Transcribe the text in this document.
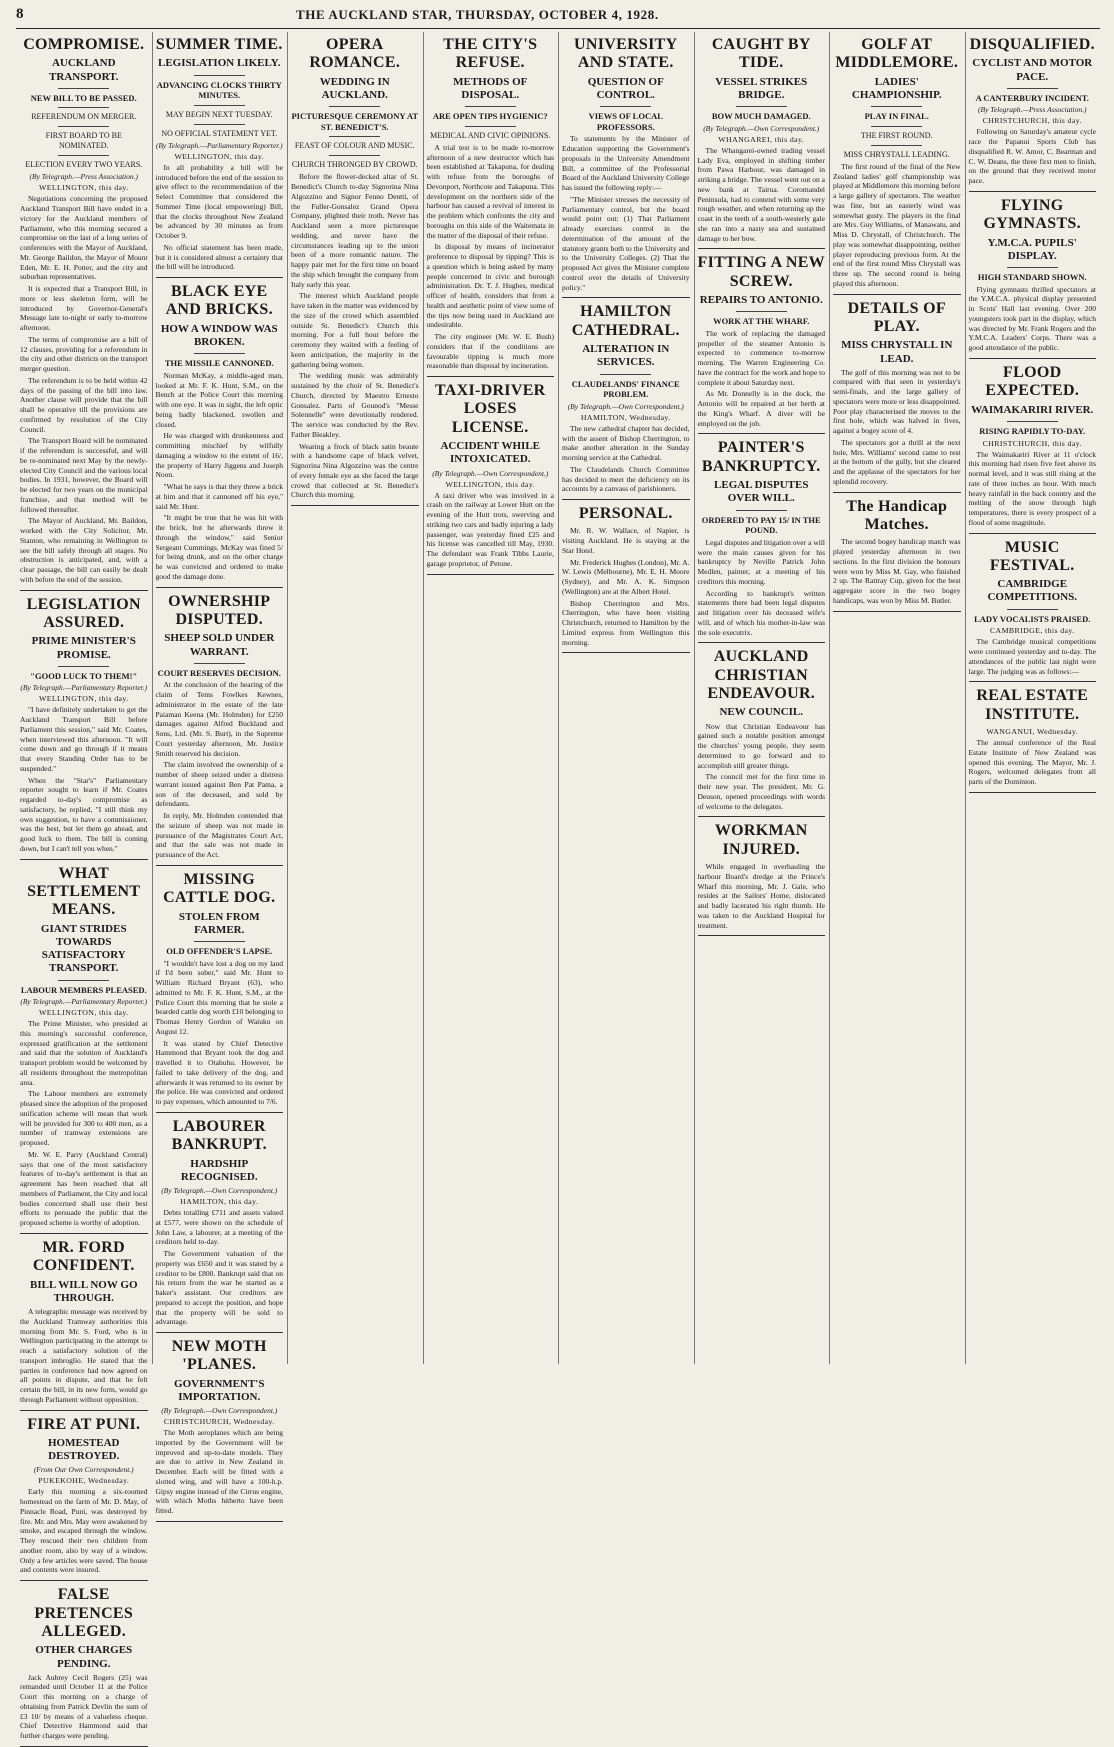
8	THE AUCKLAND STAR, THURSDAY, OCTOBER 4, 1928.
COMPROMISE.
AUCKLAND TRANSPORT.
NEW BILL TO BE PASSED.
REFERENDUM ON MERGER.
FIRST BOARD TO BE NOMINATED.
ELECTION EVERY TWO YEARS.
(By Telegraph.—Press Association.)
WELLINGTON, this day.

Negotiations concerning the proposed Auckland Transport Bill have ended in a victory for the Auckland members of Parliament, who this morning secured a compromise on the last of a long series of conferences with the Mayor of Auckland, Mr. George Baildon, the Mayor of Mount Eden, Mr. E. H. Potter, and the city and suburban representatives.

It is expected that a Transport Bill, in more or less skeleton form, will be introduced by Governor-General's Message late to-night or early to-morrow afternoon.

The terms of compromise are a bill of 12 clauses, providing for a referendum in the city and other districts on the transport merger question.

The referendum is to be held within 42 days of the passing of the bill into law. Another clause will provide that the bill shall be operative till the provisions are confirmed by resolution of the City Council.

The Transport Board will be nominated if the referendum is successful, and will be re-nominated next May by the newly-elected City Council and the various local bodies. In 1931, however, the Board will be elected for two years on the municipal franchise, and that method will be followed thereafter.

The Mayor of Auckland, Mr. Baildon, worked with the City Solicitor, Mr. Stanton, who remaining in Wellington to see the bill safely through all stages. No obstruction is anticipated, and, with a clear passage, the bill can easily be dealt with before the end of the session.

LEGISLATION ASSURED.
PRIME MINISTER'S PROMISE.
"GOOD LUCK TO THEM!"
(By Telegraph.—Parliamentary Reporter.)
WELLINGTON, this day.

"I have definitely undertaken to get the Auckland Transport Bill before Parliament this session," said Mr. Coates, when interviewed this afternoon. "It will come down and go through if it means that every Standing Order has to be suspended."

When the "Star's" Parliamentary reporter sought to learn if Mr. Coates regarded to-day's compromise as satisfactory, he replied, "I still think my own suggestion, to have a commissioner, was the best, but let them go ahead, and good luck to them. The bill is coming down, but I can't tell you when."

WHAT SETTLEMENT MEANS.
GIANT STRIDES TOWARDS SATISFACTORY TRANSPORT.
LABOUR MEMBERS PLEASED.
(By Telegraph.—Parliamentary Reporter.)
WELLINGTON, this day.

The Prime Minister, who presided at this morning's successful conference, expressed gratification at the settlement and said that the solution of Auckland's transport problem would be welcomed by all residents throughout the metropolitan area.

The Labour members are extremely pleased since the adoption of the proposed unification scheme will mean that work will be provided for 300 to 400 men, as a number of tramway extensions are proposed.

Mr. W. E. Parry (Auckland Central) says that one of the most satisfactory features of to-day's settlement is that an agreement has been reached that all members of Parliament, the City and local bodies concerned shall use their best efforts to persuade the public that the proposed scheme is worthy of adoption.

MR. FORD CONFIDENT.
BILL WILL NOW GO THROUGH.

A telegraphic message was received by the Auckland Tramway authorities this morning from Mr. S. Ford, who is in Wellington participating in the attempt to reach a satisfactory solution of the transport imbroglio. He stated that the parties in conference had now agreed on all points in dispute, and that he felt certain the bill, in its new form, would go through Parliament without opposition.

FIRE AT PUNI.
HOMESTEAD DESTROYED.
(From Our Own Correspondent.)
PUKEKOHE, Wednesday.

Early this morning a six-roomed homestead on the farm of Mr. D. May, of Pinnacle Road, Puni, was destroyed by fire. Mr. and Mrs. May were awakened by smoke, and escaped through the window. They rescued their two children from another room, also by way of a window. Only a few articles were saved. The house and contents were insured.

FALSE PRETENCES ALLEGED.
OTHER CHARGES PENDING.

Jack Aubrey Cecil Rogers (25) was remanded until October 11 at the Police Court this morning on a charge of obtaining from Patrick Devlin the sum of £3 10/ by means of a valueless cheque. Chief Detective Hammond said that further charges were pending.

SUMMER TIME.
LEGISLATION LIKELY.
ADVANCING CLOCKS THIRTY MINUTES.
MAY BEGIN NEXT TUESDAY.
NO OFFICIAL STATEMENT YET.
(By Telegraph.—Parliamentary Reporter.)
WELLINGTON, this day.

In all probability a bill will be introduced before the end of the session to give effect to the recommendation of the Select Committee that considered the Summer Time (local empowering) Bill, that the clocks throughout New Zealand be advanced by 30 minutes as from October 9.

No official statement has been made, but it is considered almost a certainty that the bill will be introduced.

BLACK EYE AND BRICKS.
HOW A WINDOW WAS BROKEN.
THE MISSILE CANNONED.

Norman McKay, a middle-aged man, looked at Mr. F. K. Hunt, S.M., on the Bench at the Police Court this morning with one eye. It was in sight, the left optic being badly blackened, swollen and closed.

He was charged with drunkenness and committing mischief by wilfully damaging a window to the extent of 16/, the property of Harry Jiggens and Joseph Noon.

"What he says is that they threw a brick at him and that it cannoned off his eye," said Mr. Hunt.

"It might be true that he was hit with the brick, but he afterwards threw it through the window," said Senior Sergeant Cummings. McKay was fined 5/ for being drunk, and on the other charge he was convicted and ordered to make good the damage done.

OWNERSHIP DISPUTED.
SHEEP SOLD UNDER WARRANT.
COURT RESERVES DECISION.

At the conclusion of the hearing of the claim of Tems Fowlkes Kewnes, administrator in the estate of the late Paiaman Keena (Mr. Holmden) for £250 damages against Alfred Buckland and Sons, Ltd. (Mr. S. Burt), in the Supreme Court yesterday afternoon, Mr. Justice Smith reserved his decision.

The claim involved the ownership of a number of sheep seized under a distress warrant issued against Ben Pat Pama, a son of the deceased, and sold by defendants.

In reply, Mr. Holmden contended that the seizure of sheep was not made in pursuance of the Magistrates Court Act, and that the sale was not made in pursuance of the Act.

MISSING CATTLE DOG.
STOLEN FROM FARMER.
OLD OFFENDER'S LAPSE.

"I wouldn't have lost a dog on my land if I'd been sober," said Mr. Hunt to William Richard Bryant (63), who admitted to Mr. F. K. Hunt, S.M., at the Police Court this morning that he stole a bearded cattle dog worth £10 belonging to Thomas Henry Gordon of Waiuku on August 12.

It was stated by Chief Detective Hammond that Bryant took the dog and travelled it to Otahuhu. However, he failed to take delivery of the dog, and afterwards it was returned to its owner by the police. He was convicted and ordered to pay expenses, which amounted to 7/6.

LABOURER BANKRUPT.
HARDSHIP RECOGNISED.
(By Telegraph.—Own Correspondent.)
HAMILTON, this day.

Debts totalling £711 and assets valued at £577, were shown on the schedule of John Law, a labourer, at a meeting of the creditors held to-day.

The Government valuation of the property was £650 and it was stated by a creditor to be £800. Bankrupt said that on his return from the war he started as a baker's assistant. Our creditors are prepared to accept the position, and hope that the property will be sold to advantage.

NEW MOTH 'PLANES.
GOVERNMENT'S IMPORTATION.
(By Telegraph.—Own Correspondent.)
CHRISTCHURCH, Wednesday.

The Moth aeroplanes which are being imported by the Government will be improved and up-to-date models. They are due to arrive in New Zealand in December. Each will be fitted with a slotted wing, and will have a 100-h.p. Gipsy engine instead of the Cirrus engine, with which Moths hitherto have been fitted.

OPERA ROMANCE.
WEDDING IN AUCKLAND.
PICTURESQUE CEREMONY AT ST. BENEDICT'S.
FEAST OF COLOUR AND MUSIC.
CHURCH THRONGED BY CROWD.

Before the flower-decked altar of St. Benedict's Church to-day Signorina Nina Algozzino and Signor Fenno Dentti, of the Fuller-Gonsalez Grand Opera Company, plighted their troth. Never has Auckland seen a more picturesque wedding, and never have the circumstances leading up to the union been of a more romantic nature. The happy pair met for the first time on board the ship which brought the company from Italy early this year.

The interest which Auckland people have taken in the matter was evidenced by the size of the crowd which assembled outside St. Benedict's Church this morning. For a full hour before the ceremony they waited with a feeling of keen anticipation, the majority in the gathering being women.

The wedding music was admirably sustained by the choir of St. Benedict's Church, directed by Maestro Ernesto Gonsalez. Parts of Gounod's "Messe Solennelle" were devotionally rendered. The service was conducted by the Rev. Father Bleakley.

Wearing a frock of black satin beaute with a handsome cape of black velvet, Signorina Nina Algozzino was the centre of every female eye as she faced the large crowd that collected at St. Benedict's Church this morning.

THE CITY'S REFUSE.
METHODS OF DISPOSAL.
ARE OPEN TIPS HYGIENIC?
MEDICAL AND CIVIC OPINIONS.

A trial test is to be made to-morrow afternoon of a new destructor which has been established at Takapuna, for dealing with refuse from the boroughs of Devonport, Northcote and Takapuna. This development on the northern side of the harbour has caused a revival of interest in the problem which confronts the city and boroughs on this side of the Waitemata in the matter of the disposal of their refuse.

In disposal by means of incinerator preference to disposal by tipping? This is a question which is being asked by many people concerned in civic and borough administration. Dr. T. J. Hughes, medical officer of health, considers that from a health and aesthetic point of view some of the tips now being used in Auckland are undesirable.

The city engineer (Mr. W. E. Bush) considers that if the conditions are favourable tipping is much more reasonable than disposal by incineration.

TAXI-DRIVER LOSES LICENSE.
ACCIDENT WHILE INTOXICATED.
(By Telegraph.—Own Correspondent.)
WELLINGTON, this day.

A taxi driver who was involved in a crash on the railway at Lower Hutt on the evening of the Hutt trots, swerving and striking two cars and badly injuring a lady passenger, was yesterday fined £25 and his license was cancelled till May, 1930. The defendant was Frank Tibbs Laurie, garage proprietor, of Petone.

UNIVERSITY AND STATE.
QUESTION OF CONTROL.
VIEWS OF LOCAL PROFESSORS.

To statements by the Minister of Education supporting the Government's proposals in the University Amendment Bill, a committee of the Professorial Board of the Auckland University College has issued the following reply:—

"The Minister stresses the necessity of Parliamentary control, but the board would point out: (1) That Parliament already exercises control in the determination of the amount of the statutory grants both to the University and to the University Colleges. (2) That the proposed Act gives the Minister complete control over the details of University policy."

HAMILTON CATHEDRAL.
ALTERATION IN SERVICES.
CLAUDELANDS' FINANCE PROBLEM.
(By Telegraph.—Own Correspondent.)
HAMILTON, Wednesday.

The new cathedral chapter has decided, with the assent of Bishop Cherrington, to make another alteration in the Sunday morning service at the Cathedral.

The Claudelands Church Committee has decided to meet the deficiency on its accounts by a canvass of parishioners.

PERSONAL.

Mr. R. W. Wallace, of Napier, is visiting Auckland. He is staying at the Star Hotel.

Mr. Frederick Hughes (London), Mr. A. W. Lewis (Melbourne), Mr. E. H. Moore (Sydney), and Mr. A. K. Simpson (Wellington) are at the Albert Hotel.

Bishop Cherrington and Mrs. Cherrington, who have been visiting Christchurch, returned to Hamilton by the Limited express from Wellington this morning.

CAUGHT BY TIDE.
VESSEL STRIKES BRIDGE.
BOW MUCH DAMAGED.
(By Telegraph.—Own Correspondent.)
WHANGAREI, this day.

The Whangarei-owned trading vessel Lady Eva, employed in shifting timber from Pawa Harbour, was damaged in striking a bridge. The vessel went out on a new bank at Tairua. Coromandel Peninsula, had to contend with some very rough weather, and when returning up the coast in the teeth of a south-westerly gale she ran into a nasty sea and sustained damage to her bow.

FITTING A NEW SCREW.
REPAIRS TO ANTONIO.
WORK AT THE WHARF.

The work of replacing the damaged propeller of the steamer Antonio is expected to commence to-morrow morning. The Warren Engineering Co. have the contract for the work and hope to complete it about Saturday next.

As Mr. Donnelly is in the dock, the Antonio will be repaired at her berth at the King's Wharf. A diver will be employed on the job.

PAINTER'S BANKRUPTCY.
LEGAL DISPUTES OVER WILL.
ORDERED TO PAY 15/ IN THE POUND.

Legal disputes and litigation over a will were the main causes given for his bankruptcy by Neville Patrick John Medlen, painter, at a meeting of his creditors this morning.

According to bankrupt's written statements there had been legal disputes and litigation over his deceased wife's will, and of which his mother-in-law was the sole executrix.

AUCKLAND CHRISTIAN ENDEAVOUR.
NEW COUNCIL.

Now that Christian Endeavour has gained such a notable position amongst the churches' young people, they seem determined to go forward and to accomplish still greater things.

The council met for the first time in their new year. The president, Mr. G. Deuson, opened proceedings with words of welcome to the delegates.

WORKMAN INJURED.

While engaged in overhauling the harbour Board's dredge at the Prince's Wharf this morning, Mr. J. Gale, who resides at the Sailors' Home, dislocated and badly lacerated his right thumb. He was taken to the Auckland Hospital for treatment.

GOLF AT MIDDLEMORE.
LADIES' CHAMPIONSHIP.
PLAY IN FINAL.
THE FIRST ROUND.
MISS CHRYSTALL LEADING.

The first round of the final of the New Zealand ladies' golf championship was played at Middlemore this morning before a large gallery of spectators. The weather was fine, but an easterly wind was somewhat gusty. The players in the final are Mrs. Guy Williams, of Manawatu, and Miss D. Chrystall, of Christchurch. The play was somewhat disappointing, neither player reproducing previous form. At the end of the first round Miss Chrystall was three up. The second round is being played this afternoon.

DETAILS OF PLAY.
MISS CHRYSTALL IN LEAD.

The golf of this morning was not to be compared with that seen in yesterday's semi-finals, and the large gallery of spectators were more or less disappointed. Poor play characterised the moves to the first hole, which was halved in fives, against a bogey score of 4.

The spectators got a thrill at the next hole, Mrs. Williams' second came to rest at the bottom of the gully, but she cleared and the applause of the spectators for her splendid recovery.

The Handicap Matches.

The second bogey handicap match was played yesterday afternoon in two sections. In the first division the honours were won by Miss M. Gay, who finished 2 up. The Rattray Cup, given for the best aggregate score in the two bogey handicaps, was won by Miss M. Butler.

DISQUALIFIED.
CYCLIST AND MOTOR PACE.
A CANTERBURY INCIDENT.
(By Telegraph.—Press Association.)
CHRISTCHURCH, this day.

Following on Saturday's amateur cycle race the Papanui Sports Club has disqualified R. W. Amor, C. Bearman and C. W. Deans, the three first men to finish, on the ground that they received motor pace.

FLYING GYMNASTS.
Y.M.C.A. PUPILS' DISPLAY.
HIGH STANDARD SHOWN.

Flying gymnasts thrilled spectators at the Y.M.C.A. physical display presented in Scots' Hall last evening. Over 200 youngsters took part in the display, which was directed by Mr. Frank Rogers and the Y.M.C.A. Leaders' Corps. There was a good attendance of the public.

FLOOD EXPECTED.
WAIMAKARIRI RIVER.
RISING RAPIDLY TO-DAY.
CHRISTCHURCH, this day.

The Waimakariri River at 11 o'clock this morning had risen five feet above its normal level, and it was still rising at the rate of three inches an hour. With much heavy rainfall in the back country and the melting of the snow through high temperatures, there is every prospect of a flood of some magnitude.

MUSIC FESTIVAL.
CAMBRIDGE COMPETITIONS.
LADY VOCALISTS PRAISED.
CAMBRIDGE, this day.

The Cambridge musical competitions were continued yesterday and to-day. The attendances of the public last night were large. The judging was as follows:—

REAL ESTATE INSTITUTE.
WANGANUI, Wednesday.

The annual conference of the Real Estate Institute of New Zealand was opened this evening. The Mayor, Mr. J. Rogers, welcomed delegates from all parts of the Dominion.
